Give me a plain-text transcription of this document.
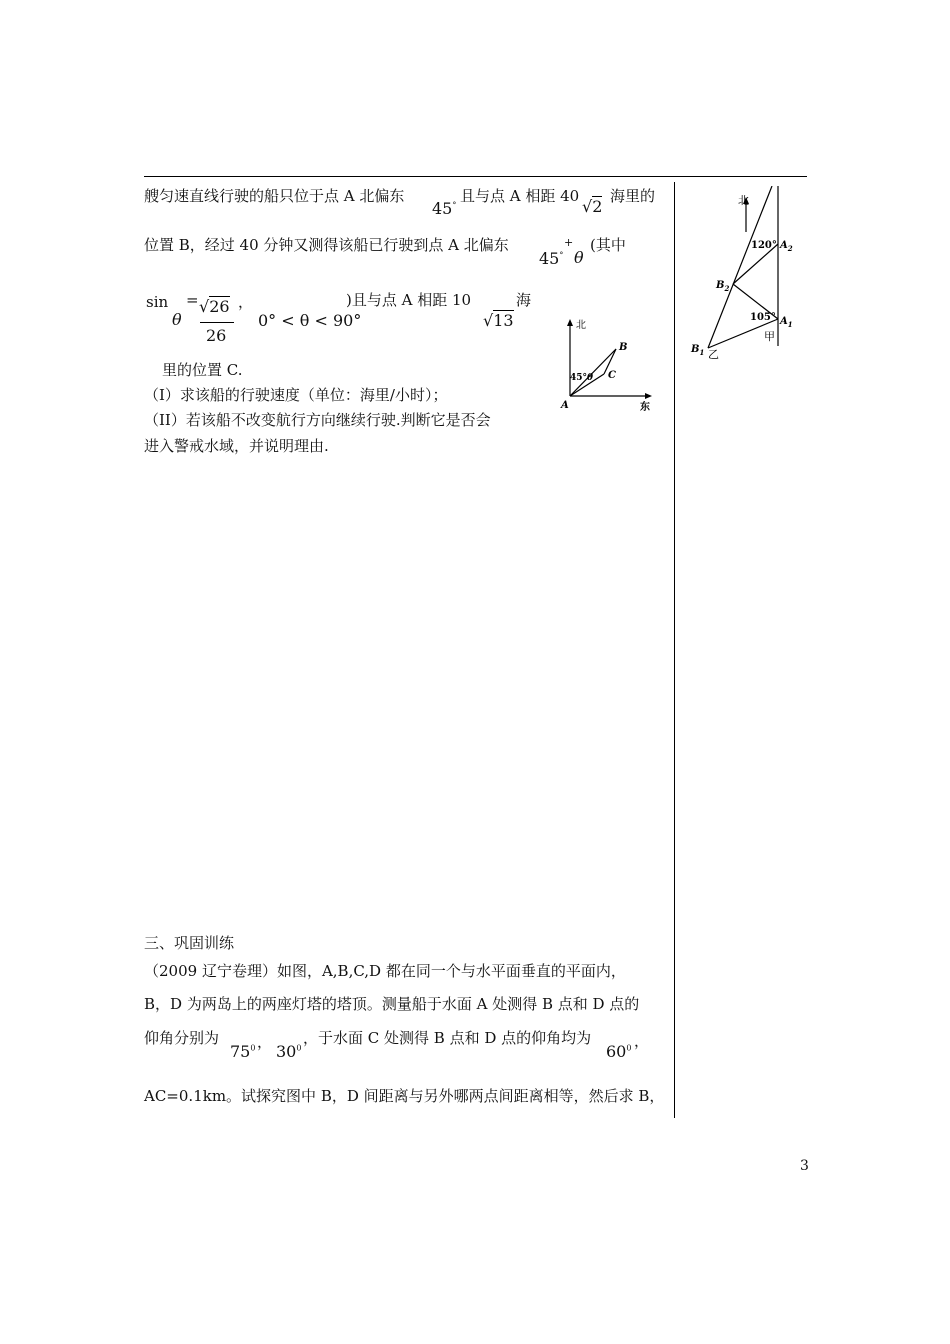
艘匀速直线行驶的船只位于点 A 北偏东
45°
且与点 A 相距 40
√2
海里的
位置 B，经过 40 分钟又测得该船已行驶到点 A 北偏东
45°
+
θ
(其中
sin
θ
= √26
26
，
0° < θ < 90°
)且与点 A 相距 10
√13
海
里的位置 C.
（I）求该船的行驶速度（单位：海里/小时）；
（II）若该船不改变航行方向继续行驶.判断它是否会
进入警戒水域，并说明理由.
北
东
A
B
C
45° θ
北
120° $A_2$
$B_2$
105° $A_1$
甲
$B_1$ 乙
三、巩固训练
（2009 辽宁卷理）如图，A,B,C,D 都在同一个与水平面垂直的平面内，
B，D 为两岛上的两座灯塔的塔顶。测量船于水面 A 处测得 B 点和 D 点的
仰角分别为
$75^0$ ， $30^0$
，于水面 C 处测得 B 点和 D 点的仰角均为
$60^0$ ，
AC=0.1km。试探究图中 B，D 间距离与另外哪两点间距离相等，然后求 B，
3
